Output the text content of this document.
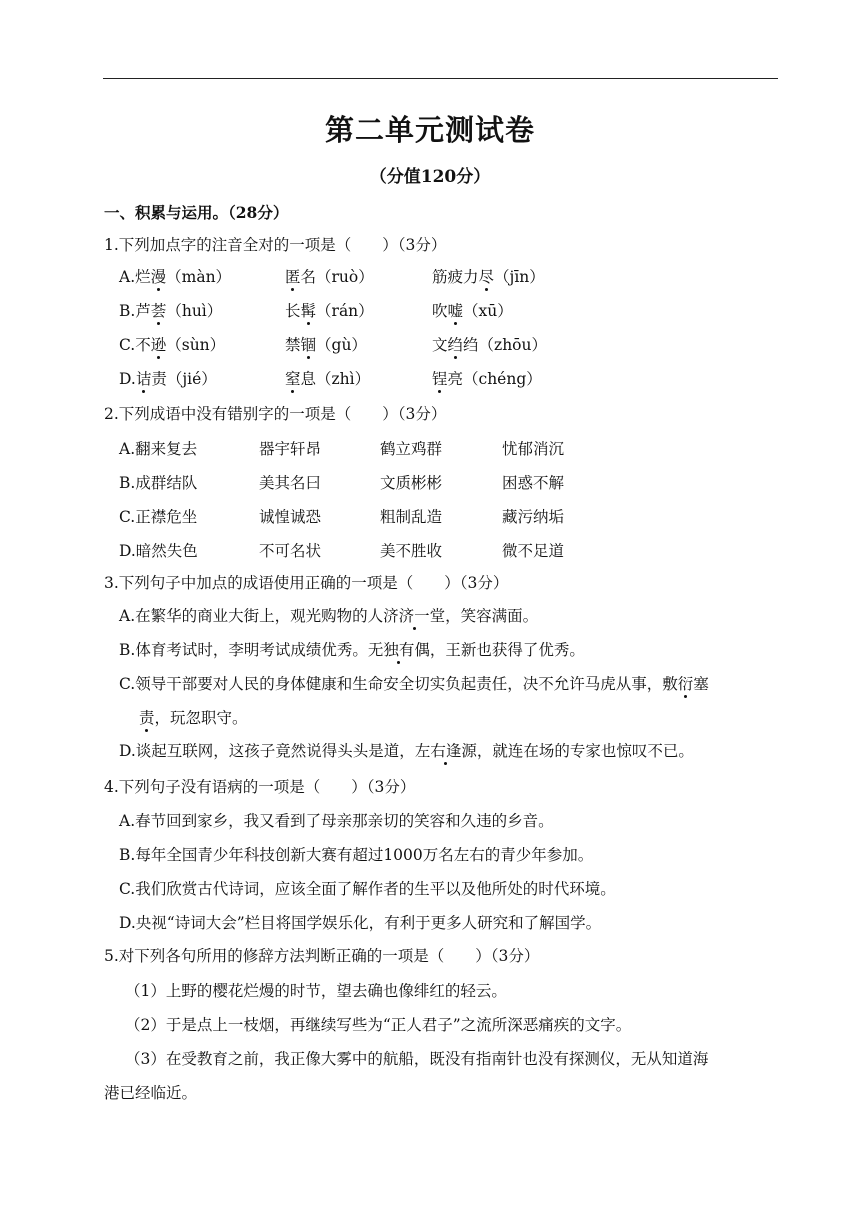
第二单元测试卷
（分值120分）
一、积累与运用。（28分）
1.下列加点字的注音全对的一项是（　　）（3分）
A.烂漫（màn）	匿名（ruò）	筋疲力尽（jīn）
B.芦荟（huì）	长髯（rán）	吹嘘（xū）
C.不逊（sùn）	禁锢（gù）	文绉绉（zhōu）
D.诘责（jié）	窒息（zhì）	锃亮（chéng）
2.下列成语中没有错别字的一项是（　　）（3分）
A.翻来复去	器宇轩昂	鹤立鸡群	忧郁消沉
B.成群结队	美其名曰	文质彬彬	困惑不解
C.正襟危坐	诚惶诚恐	粗制乱造	藏污纳垢
D.暗然失色	不可名状	美不胜收	微不足道
3.下列句子中加点的成语使用正确的一项是（　　）（3分）
A.在繁华的商业大街上，观光购物的人济济一堂，笑容满面。
B.体育考试时，李明考试成绩优秀。无独有偶，王新也获得了优秀。
C.领导干部要对人民的身体健康和生命安全切实负起责任，决不允许马虎从事，敷衍塞
责，玩忽职守。
D.谈起互联网，这孩子竟然说得头头是道，左右逢源，就连在场的专家也惊叹不已。
4.下列句子没有语病的一项是（　　）（3分）
A.春节回到家乡，我又看到了母亲那亲切的笑容和久违的乡音。
B.每年全国青少年科技创新大赛有超过1000万名左右的青少年参加。
C.我们欣赏古代诗词，应该全面了解作者的生平以及他所处的时代环境。
D.央视“诗词大会”栏目将国学娱乐化，有利于更多人研究和了解国学。
5.对下列各句所用的修辞方法判断正确的一项是（　　）（3分）
（1）上野的樱花烂熳的时节，望去确也像绯红的轻云。
（2）于是点上一枝烟，再继续写些为“正人君子”之流所深恶痛疾的文字。
（3）在受教育之前，我正像大雾中的航船，既没有指南针也没有探测仪，无从知道海
港已经临近。
